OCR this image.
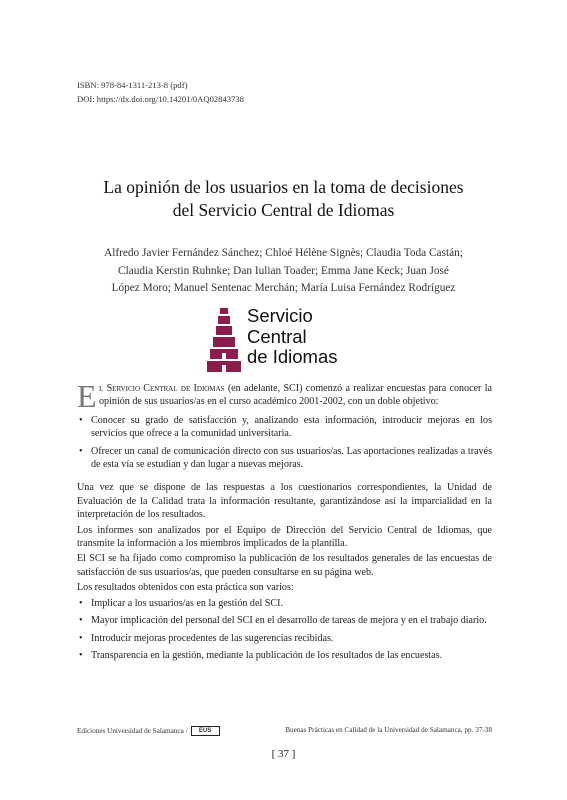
ISBN: 978-84-1311-213-8 (pdf)
DOI: https://dx.doi.org/10.14201/0AQ02843738
La opinión de los usuarios en la toma de decisiones
del Servicio Central de Idiomas
Alfredo Javier Fernández Sánchez; Chloé Hélène Signès; Claudia Toda Castán;
Claudia Kerstin Ruhnke; Dan Iulian Toader; Emma Jane Keck; Juan José
López Moro; Manuel Sentenac Merchán; María Luisa Fernández Rodríguez
Servicio
Central
de Idiomas

E l Servicio Central de Idiomas (en adelante, SCI) comenzó a realizar encuestas para conocer la opinión de sus usuarios/as en el curso académico 2001-2002, con un doble objetivo:

• Conocer su grado de satisfacción y, analizando esta información, introducir mejoras en los servicios que ofrece a la comunidad universitaria.
• Ofrecer un canal de comunicación directo con sus usuarios/as. Las aportaciones realizadas a través de esta vía se estudian y dan lugar a nuevas mejoras.

Una vez que se dispone de las respuestas a los cuestionarios correspondientes, la Unidad de Evaluación de la Calidad trata la información resultante, garantizándose así la imparcialidad en la interpretación de los resultados.

Los informes son analizados por el Equipo de Dirección del Servicio Central de Idiomas, que transmite la información a los miembros implicados de la plantilla.

El SCI se ha fijado como compromiso la publicación de los resultados generales de las encuestas de satisfacción de sus usuarios/as, que pueden consultarse en su página web.

Los resultados obtenidos con esta práctica son varios:

• Implicar a los usuarios/as en la gestión del SCI.
• Mayor implicación del personal del SCI en el desarrollo de tareas de mejora y en el trabajo diario.
• Introducir mejoras procedentes de las sugerencias recibidas.
• Transparencia en la gestión, mediante la publicación de los resultados de las encuestas.
Ediciones Universidad de Salamanca /	EUS	Buenas Prácticas en Calidad de la Universidad de Salamanca, pp. 37-38
[ 37 ]
